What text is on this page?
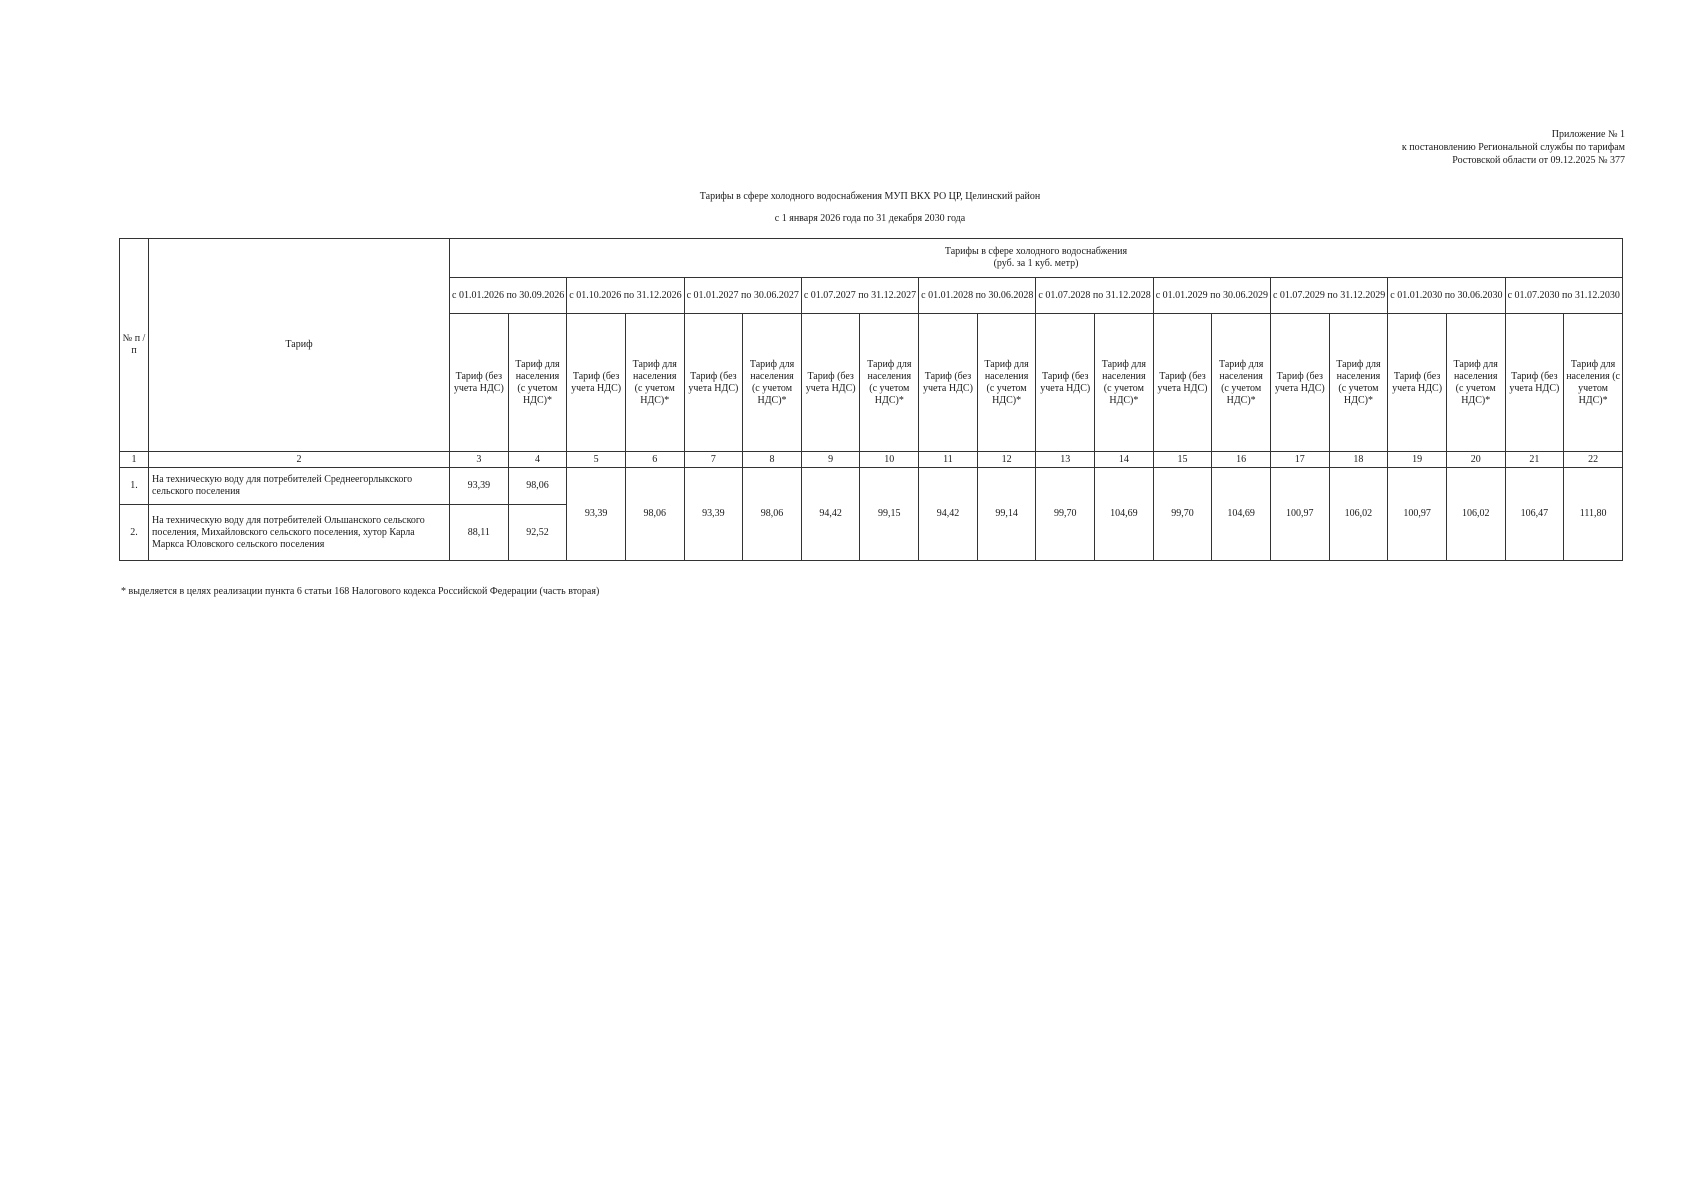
Приложение № 1
к постановлению Региональной службы по тарифам
Ростовской области от 09.12.2025 № 377
Тарифы в сфере холодного водоснабжения МУП ВКХ РО ЦР, Целинский район
с 1 января 2026 года по 31 декабря 2030 года
№ п /п	Тариф	Тарифы в сфере холодного водоснабжения
(руб. за 1 куб. метр)																			

		с 01.01.2026 по 30.09.2026		с 01.10.2026 по 31.12.2026		с 01.01.2027 по 30.06.2027		с 01.07.2027 по 31.12.2027		с 01.01.2028 по 30.06.2028		с 01.07.2028 по 31.12.2028		с 01.01.2029 по 30.06.2029		с 01.07.2029 по 31.12.2029		с 01.01.2030 по 30.06.2030		с 01.07.2030 по 31.12.2030	
		Тариф (без учета НДС)	Тариф для населения (с учетом НДС)*	Тариф (без учета НДС)	Тариф для населения (с учетом НДС)*	Тариф (без учета НДС)	Тариф для населения (с учетом НДС)*	Тариф (без учета НДС)	Тариф для населения (с учетом НДС)*	Тариф (без учета НДС)	Тариф для населения (с учетом НДС)*	Тариф (без учета НДС)	Тариф для населения (с учетом НДС)*	Тариф (без учета НДС)	Тариф для населения (с учетом НДС)*	Тариф (без учета НДС)	Тариф для населения (с учетом НДС)*	Тариф (без учета НДС)	Тариф для населения (с учетом НДС)*	Тариф (без учета НДС)	Тариф для населения (с учетом НДС)*
1	2	3	4	5	6	7	8	9	10	11	12	13	14	15	16	17	18	19	20	21	22
1.	На техническую воду для потребителей Среднеегорлыкского сельского поселения	93,39	98,06	93,39	98,06	93,39	98,06	94,42	99,15	94,42	99,14	99,70	104,69	99,70	104,69	100,97	106,02	100,97	106,02	106,47	111,80
2.	На техническую воду для потребителей Ольшанского сельского поселения, Михайловского сельского поселения, хутор Карла Маркса Юловского сельского поселения	88,11	92,52																		
* выделяется в целях реализации пункта 6 статьи 168 Налогового кодекса Российской Федерации (часть вторая)
